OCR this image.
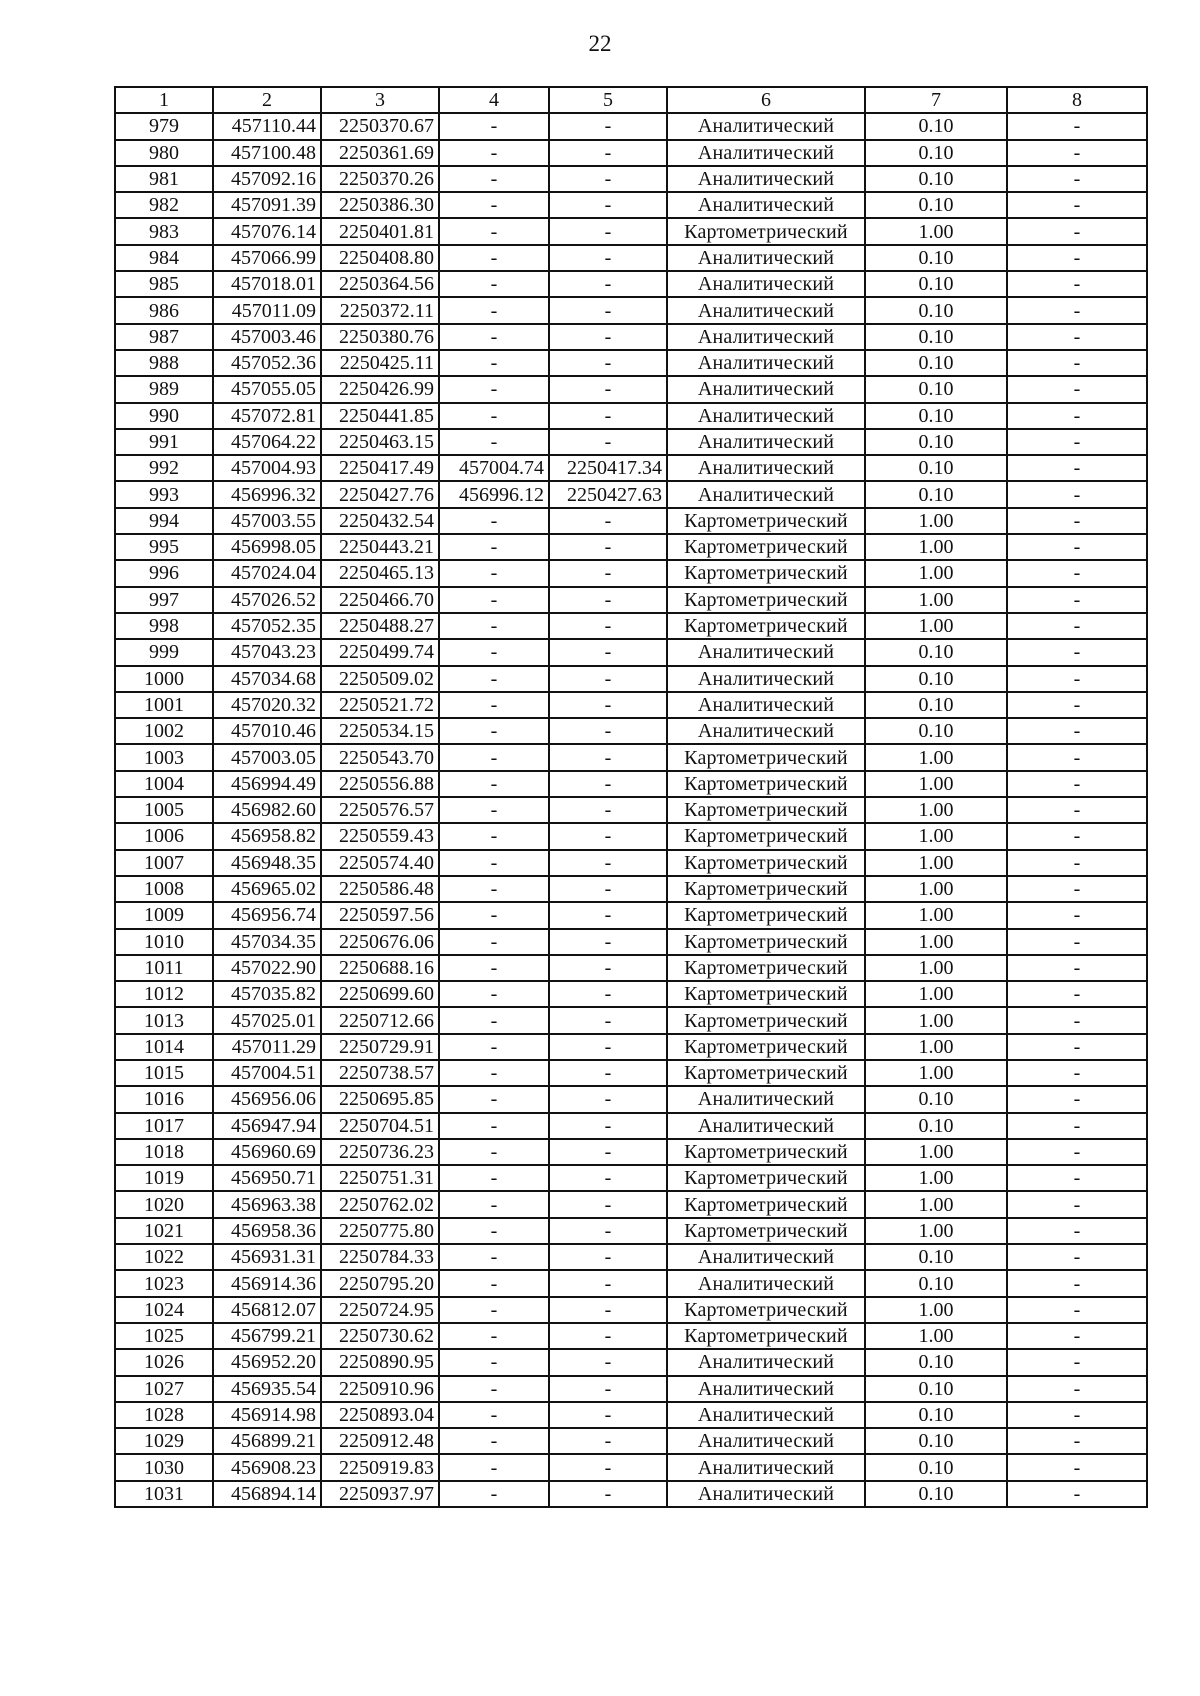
22
1	2	3	4	5	6	7	8
979	457110.44	2250370.67	-	-	Аналитический	0.10	-
980	457100.48	2250361.69	-	-	Аналитический	0.10	-
981	457092.16	2250370.26	-	-	Аналитический	0.10	-
982	457091.39	2250386.30	-	-	Аналитический	0.10	-
983	457076.14	2250401.81	-	-	Картометрический	1.00	-
984	457066.99	2250408.80	-	-	Аналитический	0.10	-
985	457018.01	2250364.56	-	-	Аналитический	0.10	-
986	457011.09	2250372.11	-	-	Аналитический	0.10	-
987	457003.46	2250380.76	-	-	Аналитический	0.10	-
988	457052.36	2250425.11	-	-	Аналитический	0.10	-
989	457055.05	2250426.99	-	-	Аналитический	0.10	-
990	457072.81	2250441.85	-	-	Аналитический	0.10	-
991	457064.22	2250463.15	-	-	Аналитический	0.10	-
992	457004.93	2250417.49	457004.74	2250417.34	Аналитический	0.10	-
993	456996.32	2250427.76	456996.12	2250427.63	Аналитический	0.10	-
994	457003.55	2250432.54	-	-	Картометрический	1.00	-
995	456998.05	2250443.21	-	-	Картометрический	1.00	-
996	457024.04	2250465.13	-	-	Картометрический	1.00	-
997	457026.52	2250466.70	-	-	Картометрический	1.00	-
998	457052.35	2250488.27	-	-	Картометрический	1.00	-
999	457043.23	2250499.74	-	-	Аналитический	0.10	-
1000	457034.68	2250509.02	-	-	Аналитический	0.10	-
1001	457020.32	2250521.72	-	-	Аналитический	0.10	-
1002	457010.46	2250534.15	-	-	Аналитический	0.10	-
1003	457003.05	2250543.70	-	-	Картометрический	1.00	-
1004	456994.49	2250556.88	-	-	Картометрический	1.00	-
1005	456982.60	2250576.57	-	-	Картометрический	1.00	-
1006	456958.82	2250559.43	-	-	Картометрический	1.00	-
1007	456948.35	2250574.40	-	-	Картометрический	1.00	-
1008	456965.02	2250586.48	-	-	Картометрический	1.00	-
1009	456956.74	2250597.56	-	-	Картометрический	1.00	-
1010	457034.35	2250676.06	-	-	Картометрический	1.00	-
1011	457022.90	2250688.16	-	-	Картометрический	1.00	-
1012	457035.82	2250699.60	-	-	Картометрический	1.00	-
1013	457025.01	2250712.66	-	-	Картометрический	1.00	-
1014	457011.29	2250729.91	-	-	Картометрический	1.00	-
1015	457004.51	2250738.57	-	-	Картометрический	1.00	-
1016	456956.06	2250695.85	-	-	Аналитический	0.10	-
1017	456947.94	2250704.51	-	-	Аналитический	0.10	-
1018	456960.69	2250736.23	-	-	Картометрический	1.00	-
1019	456950.71	2250751.31	-	-	Картометрический	1.00	-
1020	456963.38	2250762.02	-	-	Картометрический	1.00	-
1021	456958.36	2250775.80	-	-	Картометрический	1.00	-
1022	456931.31	2250784.33	-	-	Аналитический	0.10	-
1023	456914.36	2250795.20	-	-	Аналитический	0.10	-
1024	456812.07	2250724.95	-	-	Картометрический	1.00	-
1025	456799.21	2250730.62	-	-	Картометрический	1.00	-
1026	456952.20	2250890.95	-	-	Аналитический	0.10	-
1027	456935.54	2250910.96	-	-	Аналитический	0.10	-
1028	456914.98	2250893.04	-	-	Аналитический	0.10	-
1029	456899.21	2250912.48	-	-	Аналитический	0.10	-
1030	456908.23	2250919.83	-	-	Аналитический	0.10	-
1031	456894.14	2250937.97	-	-	Аналитический	0.10	-
